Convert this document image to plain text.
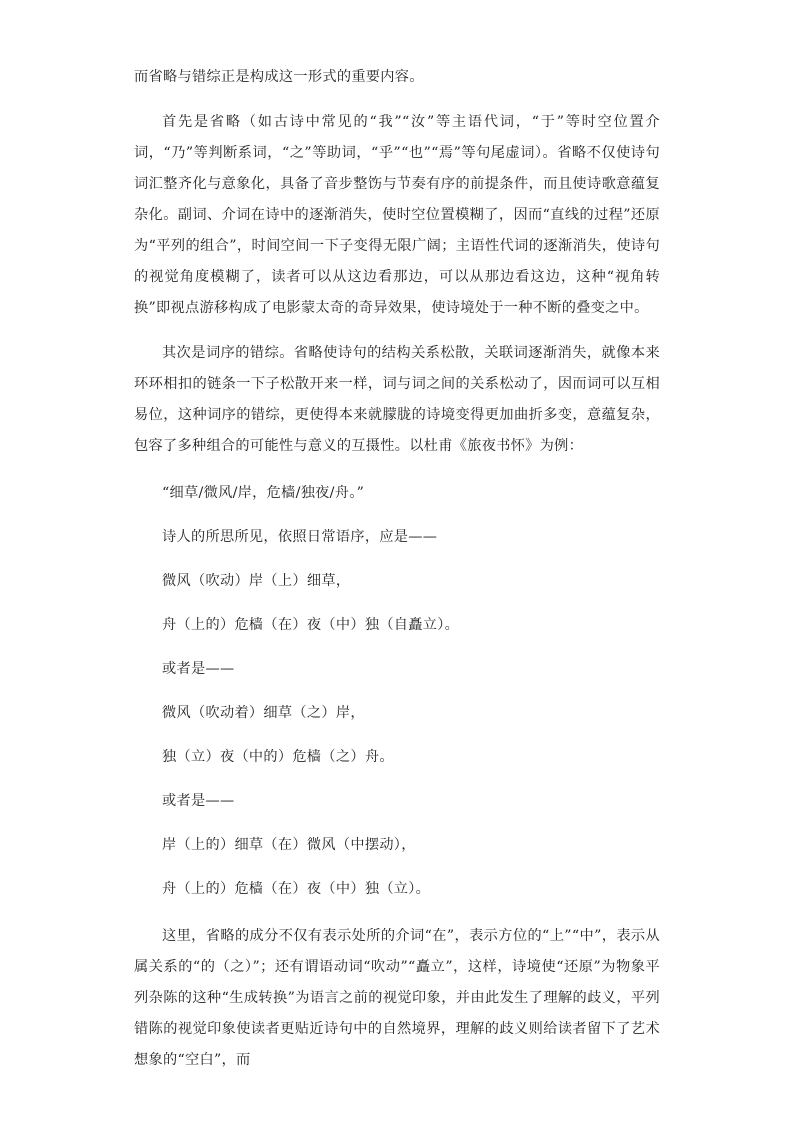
而省略与错综正是构成这一形式的重要内容。

首先是省略（如古诗中常见的“我”“汝”等主语代词，“于”等时空位置介词，“乃”等判断系词，“之”等助词，“乎”“也”“焉”等句尾虚词）。省略不仅使诗句词汇整齐化与意象化，具备了音步整饬与节奏有序的前提条件，而且使诗歌意蕴复杂化。副词、介词在诗中的逐渐消失，使时空位置模糊了，因而“直线的过程”还原为“平列的组合”，时间空间一下子变得无限广阔；主语性代词的逐渐消失，使诗句的视觉角度模糊了，读者可以从这边看那边，可以从那边看这边，这种“视角转换”即视点游移构成了电影蒙太奇的奇异效果，使诗境处于一种不断的叠变之中。

其次是词序的错综。省略使诗句的结构关系松散，关联词逐渐消失，就像本来环环相扣的链条一下子松散开来一样，词与词之间的关系松动了，因而词可以互相易位，这种词序的错综，更使得本来就朦胧的诗境变得更加曲折多变，意蕴复杂，包容了多种组合的可能性与意义的互摄性。以杜甫《旅夜书怀》为例：

“细草/微风/岸，危樯/独夜/舟。”

诗人的所思所见，依照日常语序，应是——

微风（吹动）岸（上）细草，

舟（上的）危樯（在）夜（中）独（自矗立）。

或者是——

微风（吹动着）细草（之）岸，

独（立）夜（中的）危樯（之）舟。

或者是——

岸（上的）细草（在）微风（中摆动），

舟（上的）危樯（在）夜（中）独（立）。

这里，省略的成分不仅有表示处所的介词“在”，表示方位的“上”“中”，表示从属关系的“的（之）”；还有谓语动词“吹动”“矗立”，这样，诗境使“还原”为物象平列杂陈的这种“生成转换”为语言之前的视觉印象，并由此发生了理解的歧义，平列错陈的视觉印象使读者更贴近诗句中的自然境界，理解的歧义则给读者留下了艺术想象的“空白”，而
